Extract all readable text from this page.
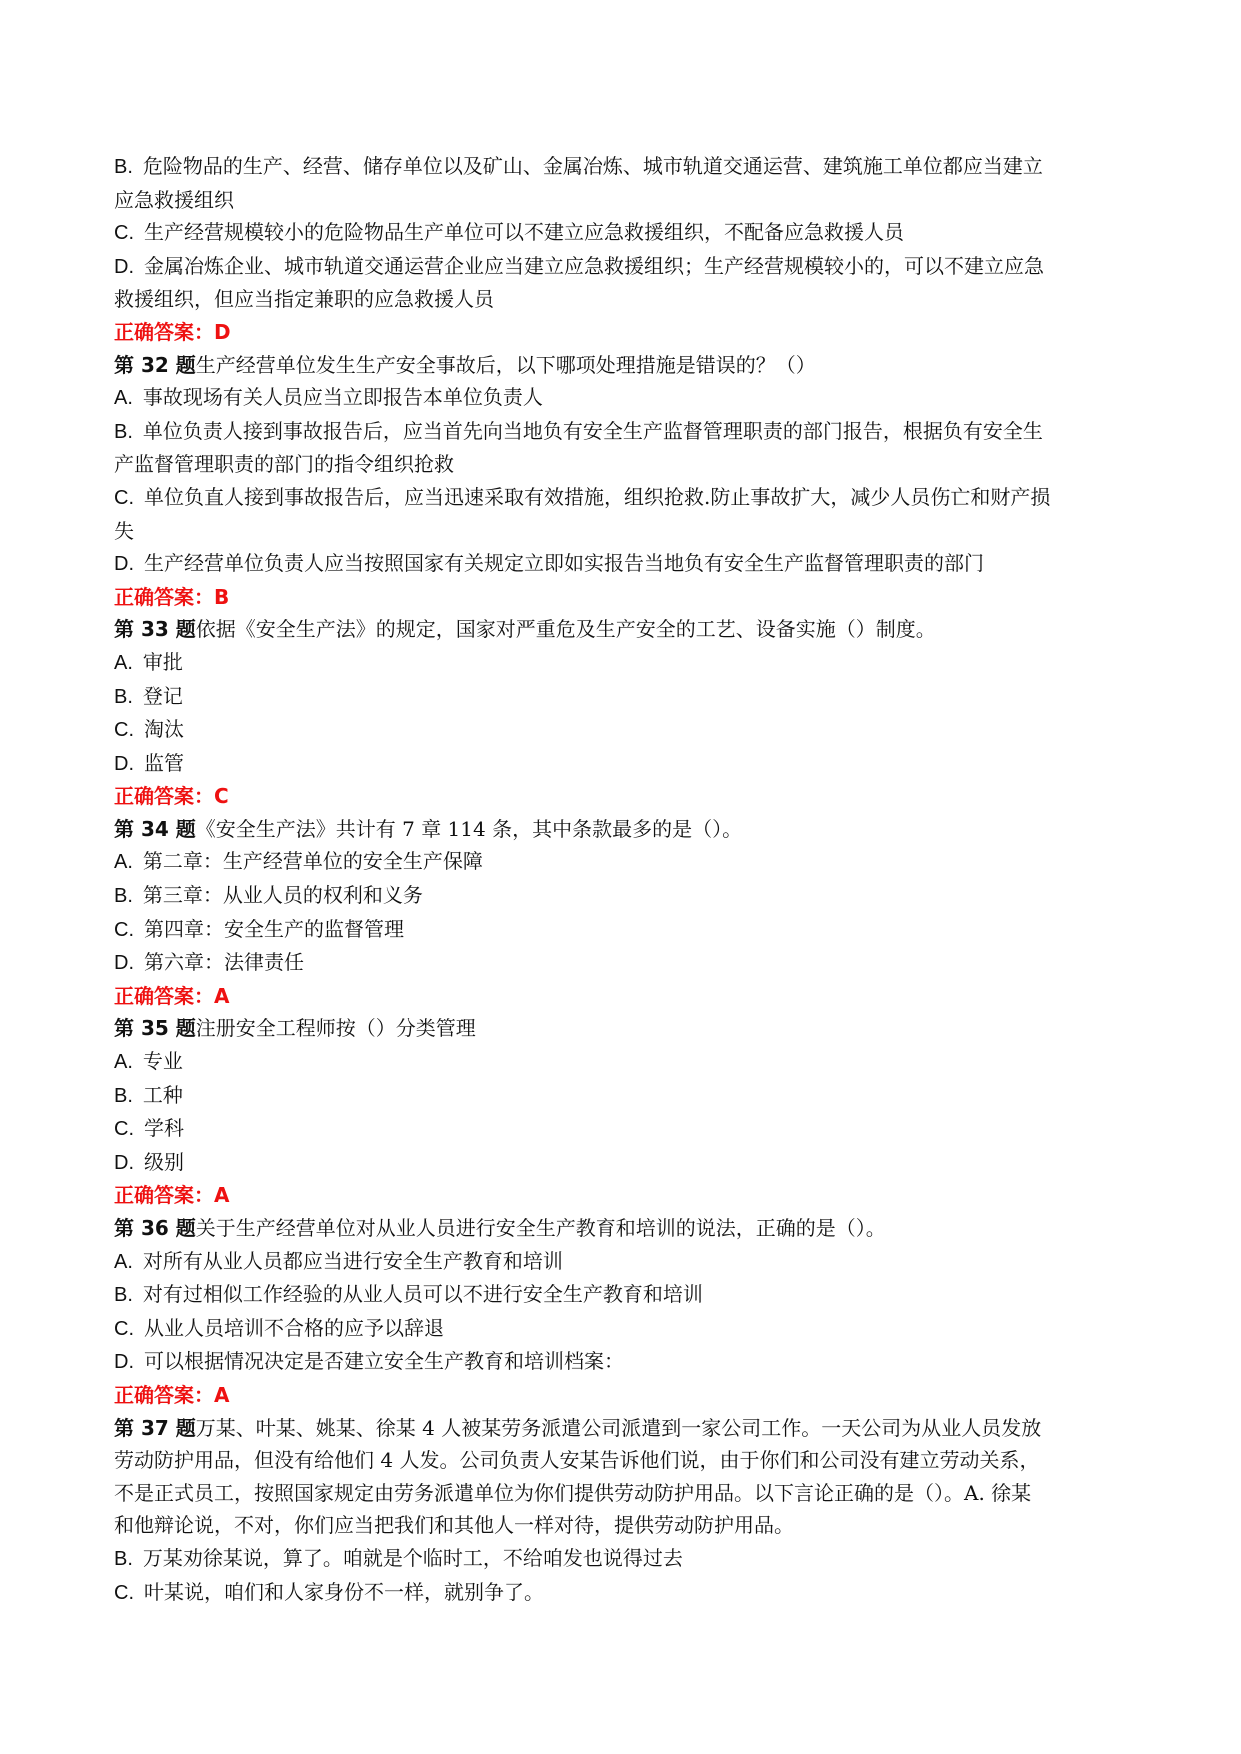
B.  危险物品的生产、经营、储存单位以及矿山、金属冶炼、城市轨道交通运营、建筑施工单位都应当建立
应急救援组织
C.  生产经营规模较小的危险物品生产单位可以不建立应急救援组织，不配备应急救援人员
D.  金属冶炼企业、城市轨道交通运营企业应当建立应急救援组织；生产经营规模较小的，可以不建立应急
救援组织，但应当指定兼职的应急救援人员
正确答案：D
第 32 题生产经营单位发生生产安全事故后，以下哪项处理措施是错误的？（）
A.  事故现场有关人员应当立即报告本单位负责人
B.  单位负责人接到事故报告后，应当首先向当地负有安全生产监督管理职责的部门报告，根据负有安全生
产监督管理职责的部门的指令组织抢救
C.  单位负直人接到事故报告后，应当迅速采取有效措施，组织抢救.防止事故扩大，减少人员伤亡和财产损
失
D.  生产经营单位负责人应当按照国家有关规定立即如实报告当地负有安全生产监督管理职责的部门
正确答案：B
第 33 题依据《安全生产法》的规定，国家对严重危及生产安全的工艺、设备实施（）制度。
A.  审批
B.  登记
C.  淘汰
D.  监管
正确答案：C
第 34 题《安全生产法》共计有 7 章 114 条，其中条款最多的是（）。
A.  第二章：生产经营单位的安全生产保障
B.  第三章：从业人员的权利和义务
C.  第四章：安全生产的监督管理
D.  第六章：法律责任
正确答案：A
第 35 题注册安全工程师按（）分类管理
A.  专业
B.  工种
C.  学科
D.  级别
正确答案：A
第 36 题关于生产经营单位对从业人员进行安全生产教育和培训的说法，正确的是（）。
A.  对所有从业人员都应当进行安全生产教育和培训
B.  对有过相似工作经验的从业人员可以不进行安全生产教育和培训
C.  从业人员培训不合格的应予以辞退
D.  可以根据情况决定是否建立安全生产教育和培训档案：
正确答案：A
第 37 题万某、叶某、姚某、徐某 4 人被某劳务派遣公司派遣到一家公司工作。一天公司为从业人员发放
劳动防护用品，但没有给他们 4 人发。公司负责人安某告诉他们说，由于你们和公司没有建立劳动关系，
不是正式员工，按照国家规定由劳务派遣单位为你们提供劳动防护用品。以下言论正确的是（）。A. 徐某
和他辩论说，不对，你们应当把我们和其他人一样对待，提供劳动防护用品。
B.  万某劝徐某说，算了。咱就是个临时工，不给咱发也说得过去
C.  叶某说，咱们和人家身份不一样，就别争了。
